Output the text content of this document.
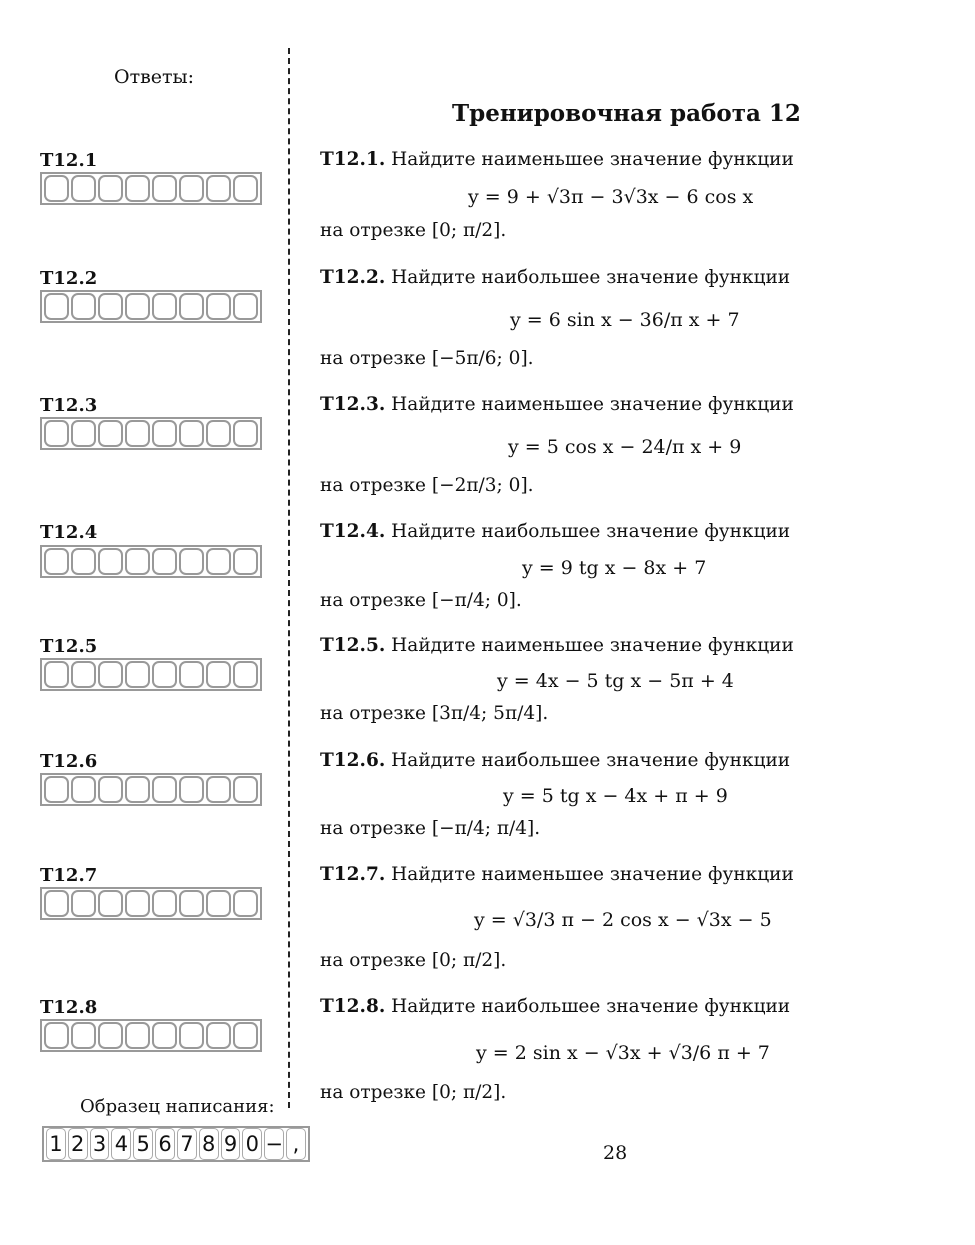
Ответы:
Тренировочная работа 12
T12.1
T12.2
T12.3
T12.4
T12.5
T12.6
T12.7
T12.8
T12.1. Найдите наименьшее значение функции
y = 9 + √3π − 3√3x − 6 cos x
на отрезке
[0; π/2].
T12.2. Найдите наибольшее значение функции
y = 6 sin x − 36/π x + 7
на отрезке
[−5π/6; 0].
T12.3. Найдите наименьшее значение функции
y = 5 cos x − 24/π x + 9
на отрезке
[−2π/3; 0].
T12.4. Найдите наибольшее значение функции
y = 9 tg x − 8x + 7
на отрезке
[−π/4; 0].
T12.5. Найдите наименьшее значение функции
y = 4x − 5 tg x − 5π + 4
на отрезке
[3π/4; 5π/4].
T12.6. Найдите наибольшее значение функции
y = 5 tg x − 4x + π + 9
на отрезке
[−π/4; π/4].
T12.7. Найдите наименьшее значение функции
y = √3/3 π − 2 cos x − √3x − 5
на отрезке
[0; π/2].
T12.8. Найдите наибольшее значение функции
y = 2 sin x − √3x + √3/6 π + 7
на отрезке
[0; π/2].
Образец написания:
1 2 3 4 5 6 7 8 9 0 − ,	28
